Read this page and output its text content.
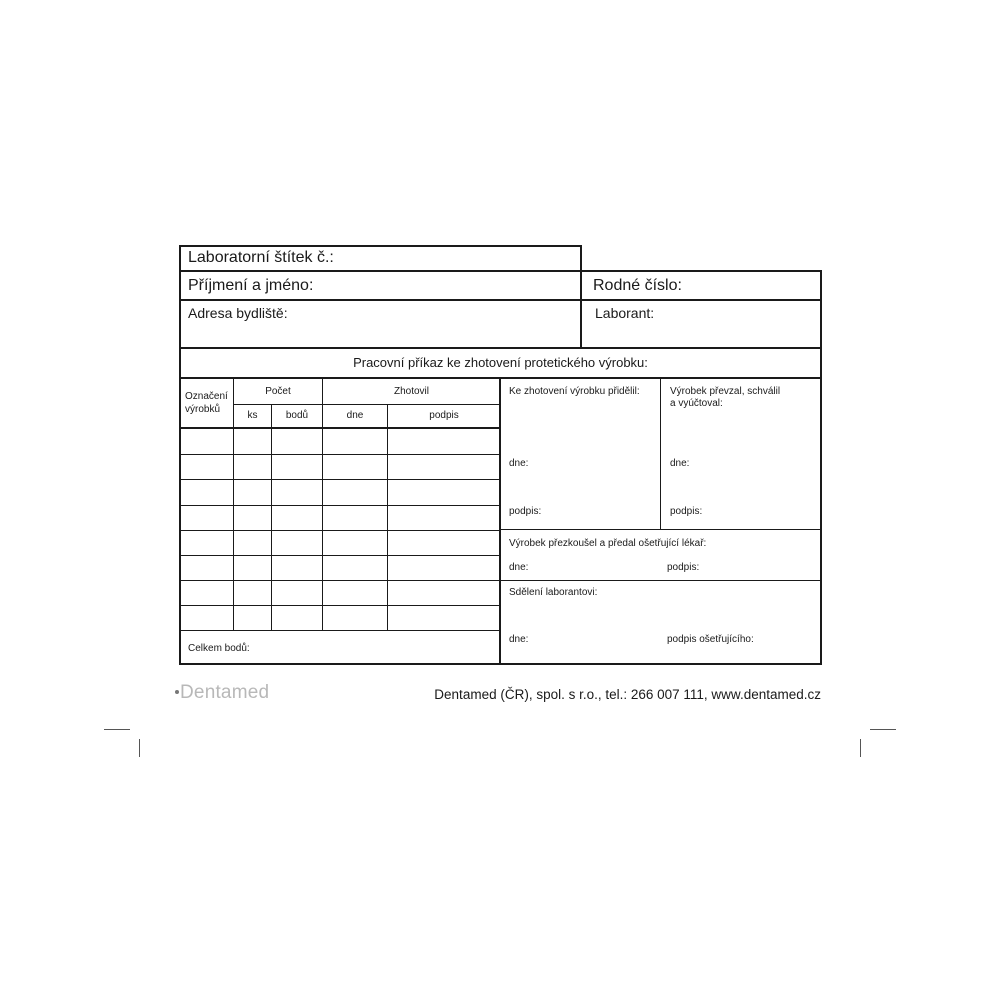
Laboratorní štítek č.:
Příjmení a jméno:	Rodné číslo:
Adresa bydliště:	Laborant:
Pracovní příkaz ke zhotovení protetického výrobku:
Označení
výrobků
Počet	Zhotovil
ks	bodů	dne	podpis
Celkem bodů:
Ke zhotovení výrobku přidělil:	Výrobek převzal, schválil
a vyúčtoval:
dne:	dne:
podpis:	podpis:
Výrobek přezkoušel a předal ošetřující lékař:
dne:	podpis:
Sdělení laborantovi:
dne:	podpis ošetřujícího:
Dentamed	Dentamed (ČR), spol. s r.o., tel.: 266 007 111, www.dentamed.cz
